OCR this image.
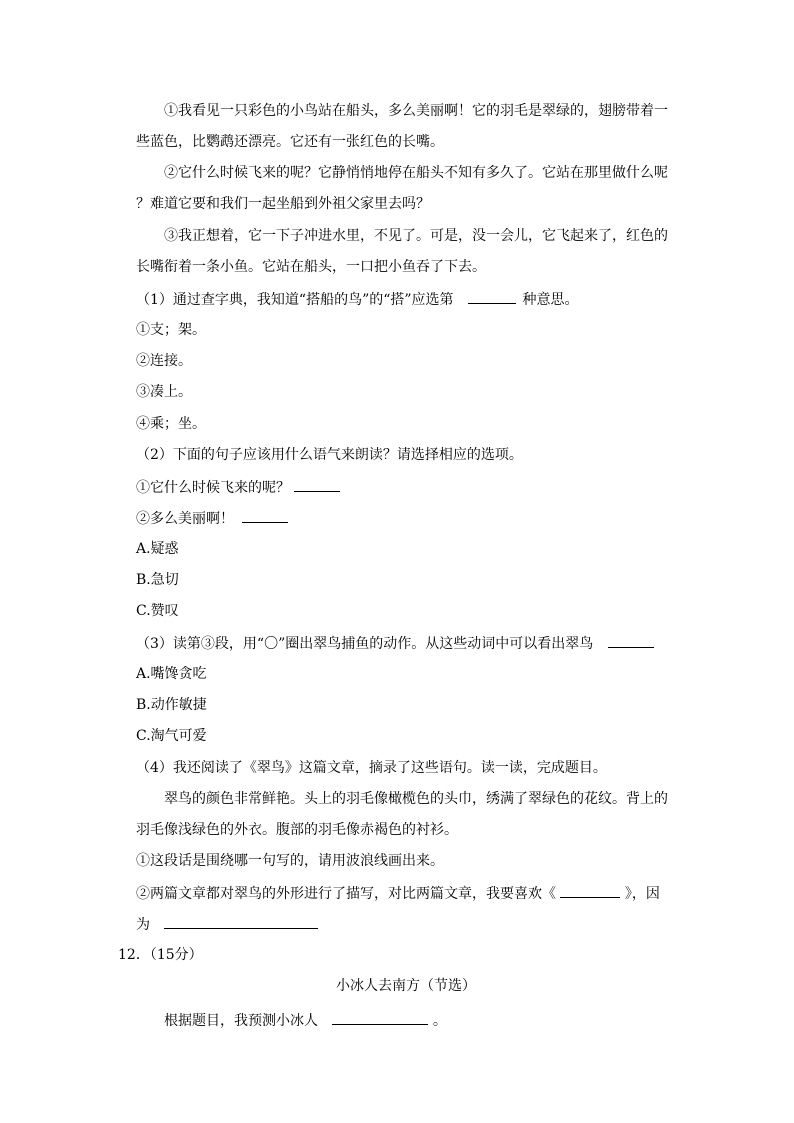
①我看见一只彩色的小鸟站在船头，多么美丽啊！它的羽毛是翠绿的，翅膀带着一
些蓝色，比鹦鹉还漂亮。它还有一张红色的长嘴。
②它什么时候飞来的呢？它静悄悄地停在船头不知有多久了。它站在那里做什么呢
？难道它要和我们一起坐船到外祖父家里去吗？
③我正想着，它一下子冲进水里，不见了。可是，没一会儿，它飞起来了，红色的
长嘴衔着一条小鱼。它站在船头，一口把小鱼吞了下去。
（1）通过查字典，我知道“搭船的鸟”的“搭”应选第	种意思。
①支；架。
②连接。
③凑上。
④乘；坐。
（2）下面的句子应该用什么语气来朗读？请选择相应的选项。
①它什么时候飞来的呢？
②多么美丽啊！
A.疑惑
B.急切
C.赞叹
（3）读第③段，用“〇”圈出翠鸟捕鱼的动作。从这些动词中可以看出翠鸟
A.嘴馋贪吃
B.动作敏捷
C.淘气可爱
（4）我还阅读了《翠鸟》这篇文章，摘录了这些语句。读一读，完成题目。
翠鸟的颜色非常鲜艳。头上的羽毛像橄榄色的头巾，绣满了翠绿色的花纹。背上的
羽毛像浅绿色的外衣。腹部的羽毛像赤褐色的衬衫。
①这段话是围绕哪一句写的，请用波浪线画出来。
②两篇文章都对翠鸟的外形进行了描写，对比两篇文章，我要喜欢《	》，因
为
12．（15分）
小冰人去南方（节选）
根据题目，我预测小冰人	。
